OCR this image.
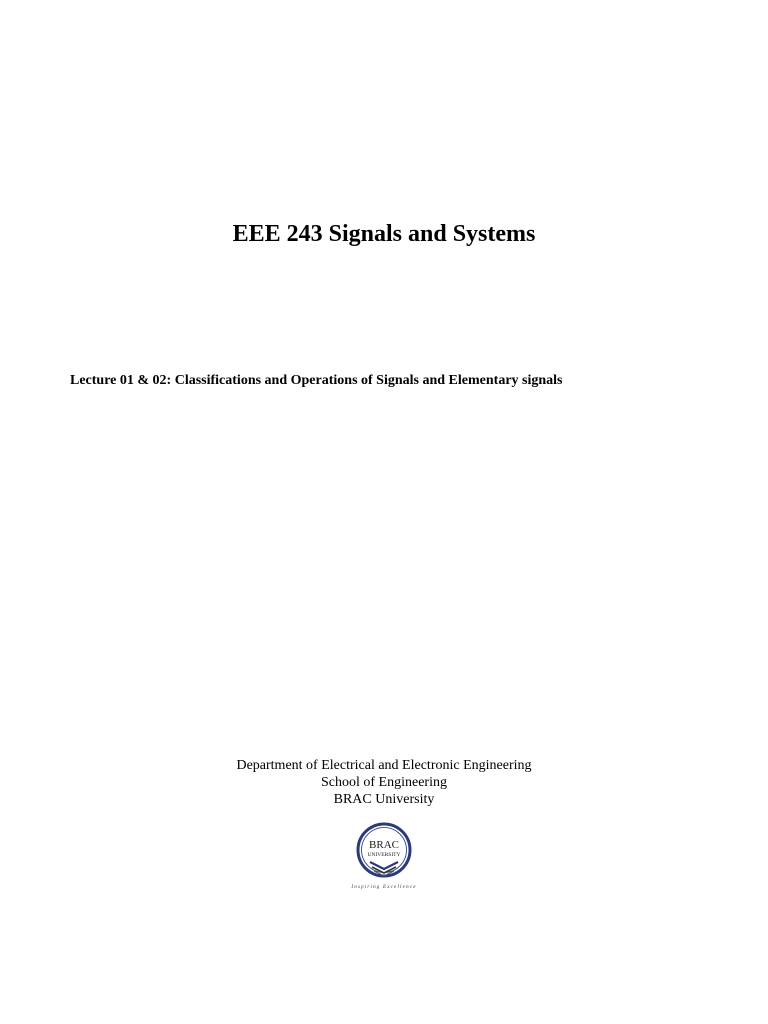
EEE 243 Signals and Systems

Lecture 01 & 02: Classifications and Operations of Signals and Elementary signals

Department of Electrical and Electronic Engineering
School of Engineering
BRAC University
BRAC
UNIVERSITY
Inspiring Excellence
